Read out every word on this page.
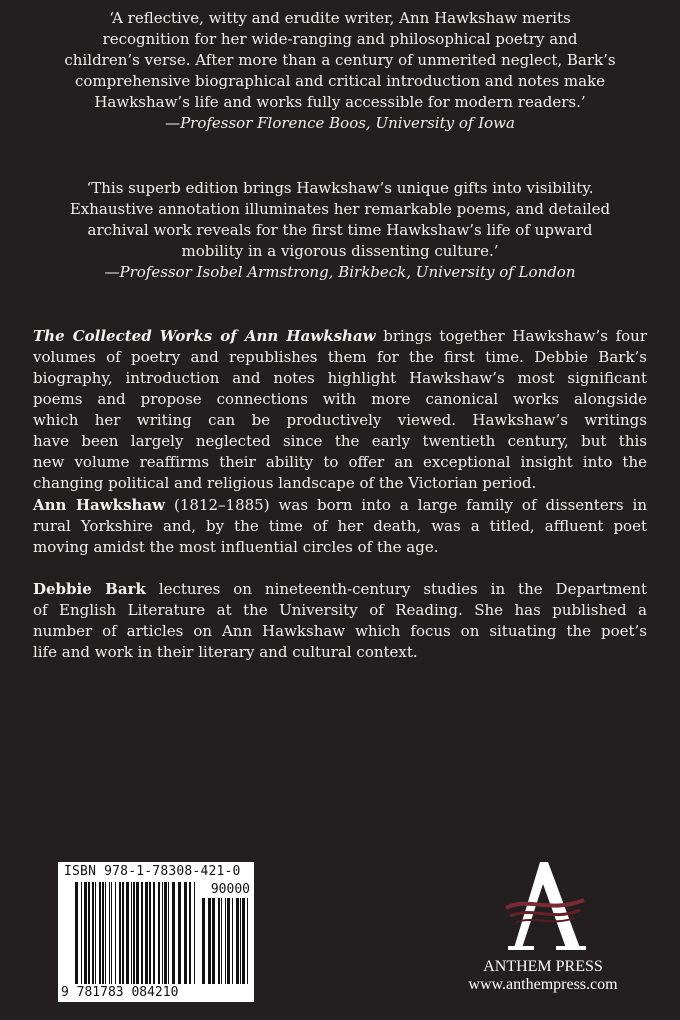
‘A reflective, witty and erudite writer, Ann Hawkshaw merits
recognition for her wide-ranging and philosophical poetry and
children’s verse. After more than a century of unmerited neglect, Bark’s
comprehensive biographical and critical introduction and notes make
Hawkshaw’s life and works fully accessible for modern readers.’
—Professor Florence Boos, University of Iowa
‘This superb edition brings Hawkshaw’s unique gifts into visibility.
Exhaustive annotation illuminates her remarkable poems, and detailed
archival work reveals for the first time Hawkshaw’s life of upward
mobility in a vigorous dissenting culture.’
—Professor Isobel Armstrong, Birkbeck, University of London
The Collected Works of Ann Hawkshaw brings together Hawkshaw’s four
volumes of poetry and republishes them for the first time. Debbie Bark’s
biography, introduction and notes highlight Hawkshaw’s most significant
poems and propose connections with more canonical works alongside
which her writing can be productively viewed. Hawkshaw’s writings
have been largely neglected since the early twentieth century, but this
new volume reaffirms their ability to offer an exceptional insight into the
changing political and religious landscape of the Victorian period.
Ann Hawkshaw (1812–1885) was born into a large family of dissenters in
rural Yorkshire and, by the time of her death, was a titled, affluent poet
moving amidst the most influential circles of the age.
Debbie Bark lectures on nineteenth-century studies in the Department
of English Literature at the University of Reading. She has published a
number of articles on Ann Hawkshaw which focus on situating the poet’s
life and work in their literary and cultural context.
ISBN 978-1-78308-421-0
90000
9 781783 084210
ANTHEM PRESS
www.anthempress.com
